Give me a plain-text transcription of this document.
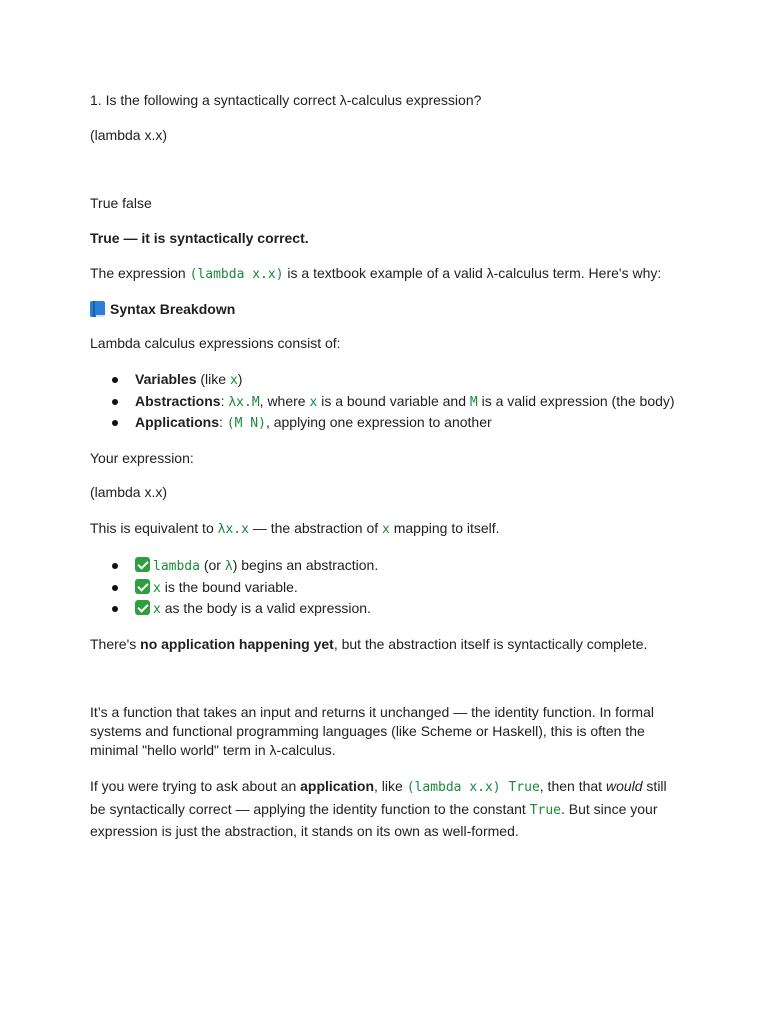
1. Is the following a syntactically correct λ-calculus expression?

(lambda x.x)

True false

True — it is syntactically correct.

The expression (lambda x.x) is a textbook example of a valid λ-calculus term. Here's why:

Syntax Breakdown

Lambda calculus expressions consist of:

Variables (like x)
Abstractions: λx.M, where x is a bound variable and M is a valid expression (the body)
Applications: (M N), applying one expression to another

Your expression:

(lambda x.x)

This is equivalent to λx.x — the abstraction of x mapping to itself.

lambda (or λ) begins an abstraction.
x is the bound variable.
x as the body is a valid expression.

There's no application happening yet, but the abstraction itself is syntactically complete.

It’s a function that takes an input and returns it unchanged — the identity function. In formal
systems and functional programming languages (like Scheme or Haskell), this is often the
minimal "hello world" term in λ-calculus.
If you were trying to ask about an application, like (lambda x.x) True, then that would still
be syntactically correct — applying the identity function to the constant True. But since your
expression is just the abstraction, it stands on its own as well-formed.
